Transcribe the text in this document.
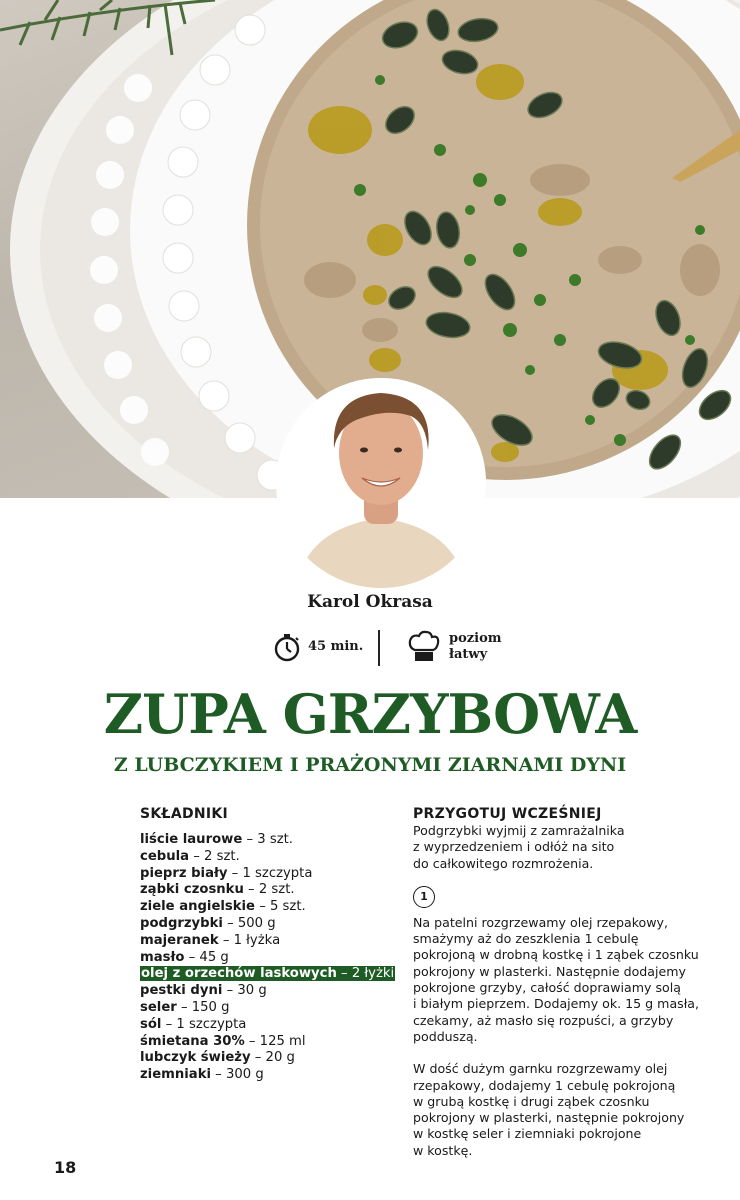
Karol Okrasa
45 min.
poziom
łatwy
ZUPA GRZYBOWA
Z LUBCZYKIEM I PRAŻONYMI ZIARNAMI DYNI
SKŁADNIKI
liście laurowe – 3 szt.
cebula – 2 szt.
pieprz biały – 1 szczypta
ząbki czosnku – 2 szt.
ziele angielskie – 5 szt.
podgrzybki – 500 g
majeranek – 1 łyżka
masło – 45 g
olej z orzechów laskowych – 2 łyżki
pestki dyni – 30 g
seler – 150 g
sól – 1 szczypta
śmietana 30% – 125 ml
lubczyk świeży – 20 g
ziemniaki – 300 g
PRZYGOTUJ WCZEŚNIEJ

Podgrzybki wyjmij z zamrażalnika
z wyprzedzeniem i odłóż na sito
do całkowitego rozmrożenia.

1

Na patelni rozgrzewamy olej rzepakowy,
smażymy aż do zeszklenia 1 cebulę
pokrojoną w drobną kostkę i 1 ząbek czosnku
pokrojony w plasterki. Następnie dodajemy
pokrojone grzyby, całość doprawiamy solą
i białym pieprzem. Dodajemy ok. 15 g masła,
czekamy, aż masło się rozpuści, a grzyby
podduszą.

W dość dużym garnku rozgrzewamy olej
rzepakowy, dodajemy 1 cebulę pokrojoną
w grubą kostkę i drugi ząbek czosnku
pokrojony w plasterki, następnie pokrojony
w kostkę seler i ziemniaki pokrojone
w kostkę.

18
